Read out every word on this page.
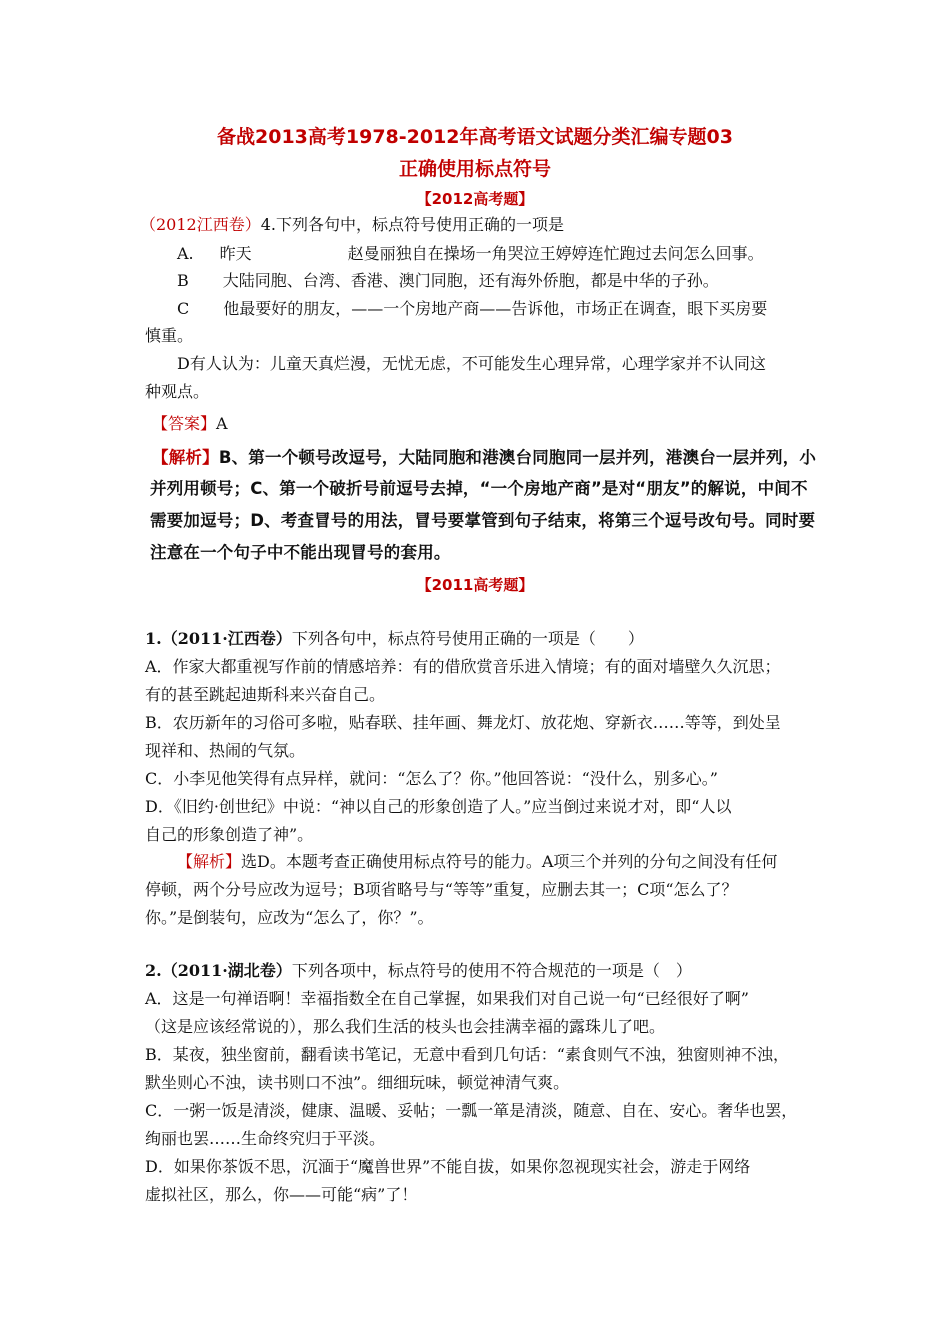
备战2013高考1978-2012年高考语文试题分类汇编专题03
正确使用标点符号
【2012高考题】
（2012江西卷）4.下列各句中，标点符号使用正确的一项是
A. 昨天	赵曼丽独自在操场一角哭泣王婷婷连忙跑过去问怎么回事。
B 大陆同胞、台湾、香港、澳门同胞，还有海外侨胞，都是中华的子孙。
C 他最要好的朋友，——一个房地产商——告诉他，市场正在调查，眼下买房要
慎重。
D有人认为：儿童天真烂漫，无忧无虑，不可能发生心理异常，心理学家并不认同这
种观点。
【答案】A
【解析】B、第一个顿号改逗号，大陆同胞和港澳台同胞同一层并列，港澳台一层并列，小
并列用顿号；C、第一个破折号前逗号去掉，“一个房地产商”是对“朋友”的解说，中间不
需要加逗号；D、考查冒号的用法，冒号要掌管到句子结束，将第三个逗号改句号。同时要
注意在一个句子中不能出现冒号的套用。
【2011高考题】
1.（2011·江西卷）下列各句中，标点符号使用正确的一项是（　　）
A．作家大都重视写作前的情感培养：有的借欣赏音乐进入情境；有的面对墙壁久久沉思；
有的甚至跳起迪斯科来兴奋自己。
B．农历新年的习俗可多啦，贴春联、挂年画、舞龙灯、放花炮、穿新衣……等等，到处呈
现祥和、热闹的气氛。
C．小李见他笑得有点异样，就问：“怎么了？你。”他回答说：“没什么，别多心。”
D．《旧约·创世纪》中说：“神以自己的形象创造了人。”应当倒过来说才对，即“人以
自己的形象创造了神”。
【解析】选D。本题考查正确使用标点符号的能力。A项三个并列的分句之间没有任何
停顿，两个分号应改为逗号；B项省略号与“等等”重复，应删去其一；C项“怎么了？
你。”是倒装句，应改为“怎么了，你？”。
2.（2011·湖北卷）下列各项中，标点符号的使用不符合规范的一项是（　）
A．这是一句禅语啊！幸福指数全在自己掌握，如果我们对自己说一句“已经很好了啊”
（这是应该经常说的），那么我们生活的枝头也会挂满幸福的露珠儿了吧。
B．某夜，独坐窗前，翻看读书笔记，无意中看到几句话：“素食则气不浊，独窗则神不浊，
默坐则心不浊，读书则口不浊”。细细玩味，顿觉神清气爽。
C．一粥一饭是清淡，健康、温暖、妥帖；一瓢一箪是清淡，随意、自在、安心。奢华也罢，
绚丽也罢……生命终究归于平淡。
D．如果你茶饭不思，沉湎于“魔兽世界”不能自拔，如果你忽视现实社会，游走于网络
虚拟社区，那么，你——可能“病”了！
